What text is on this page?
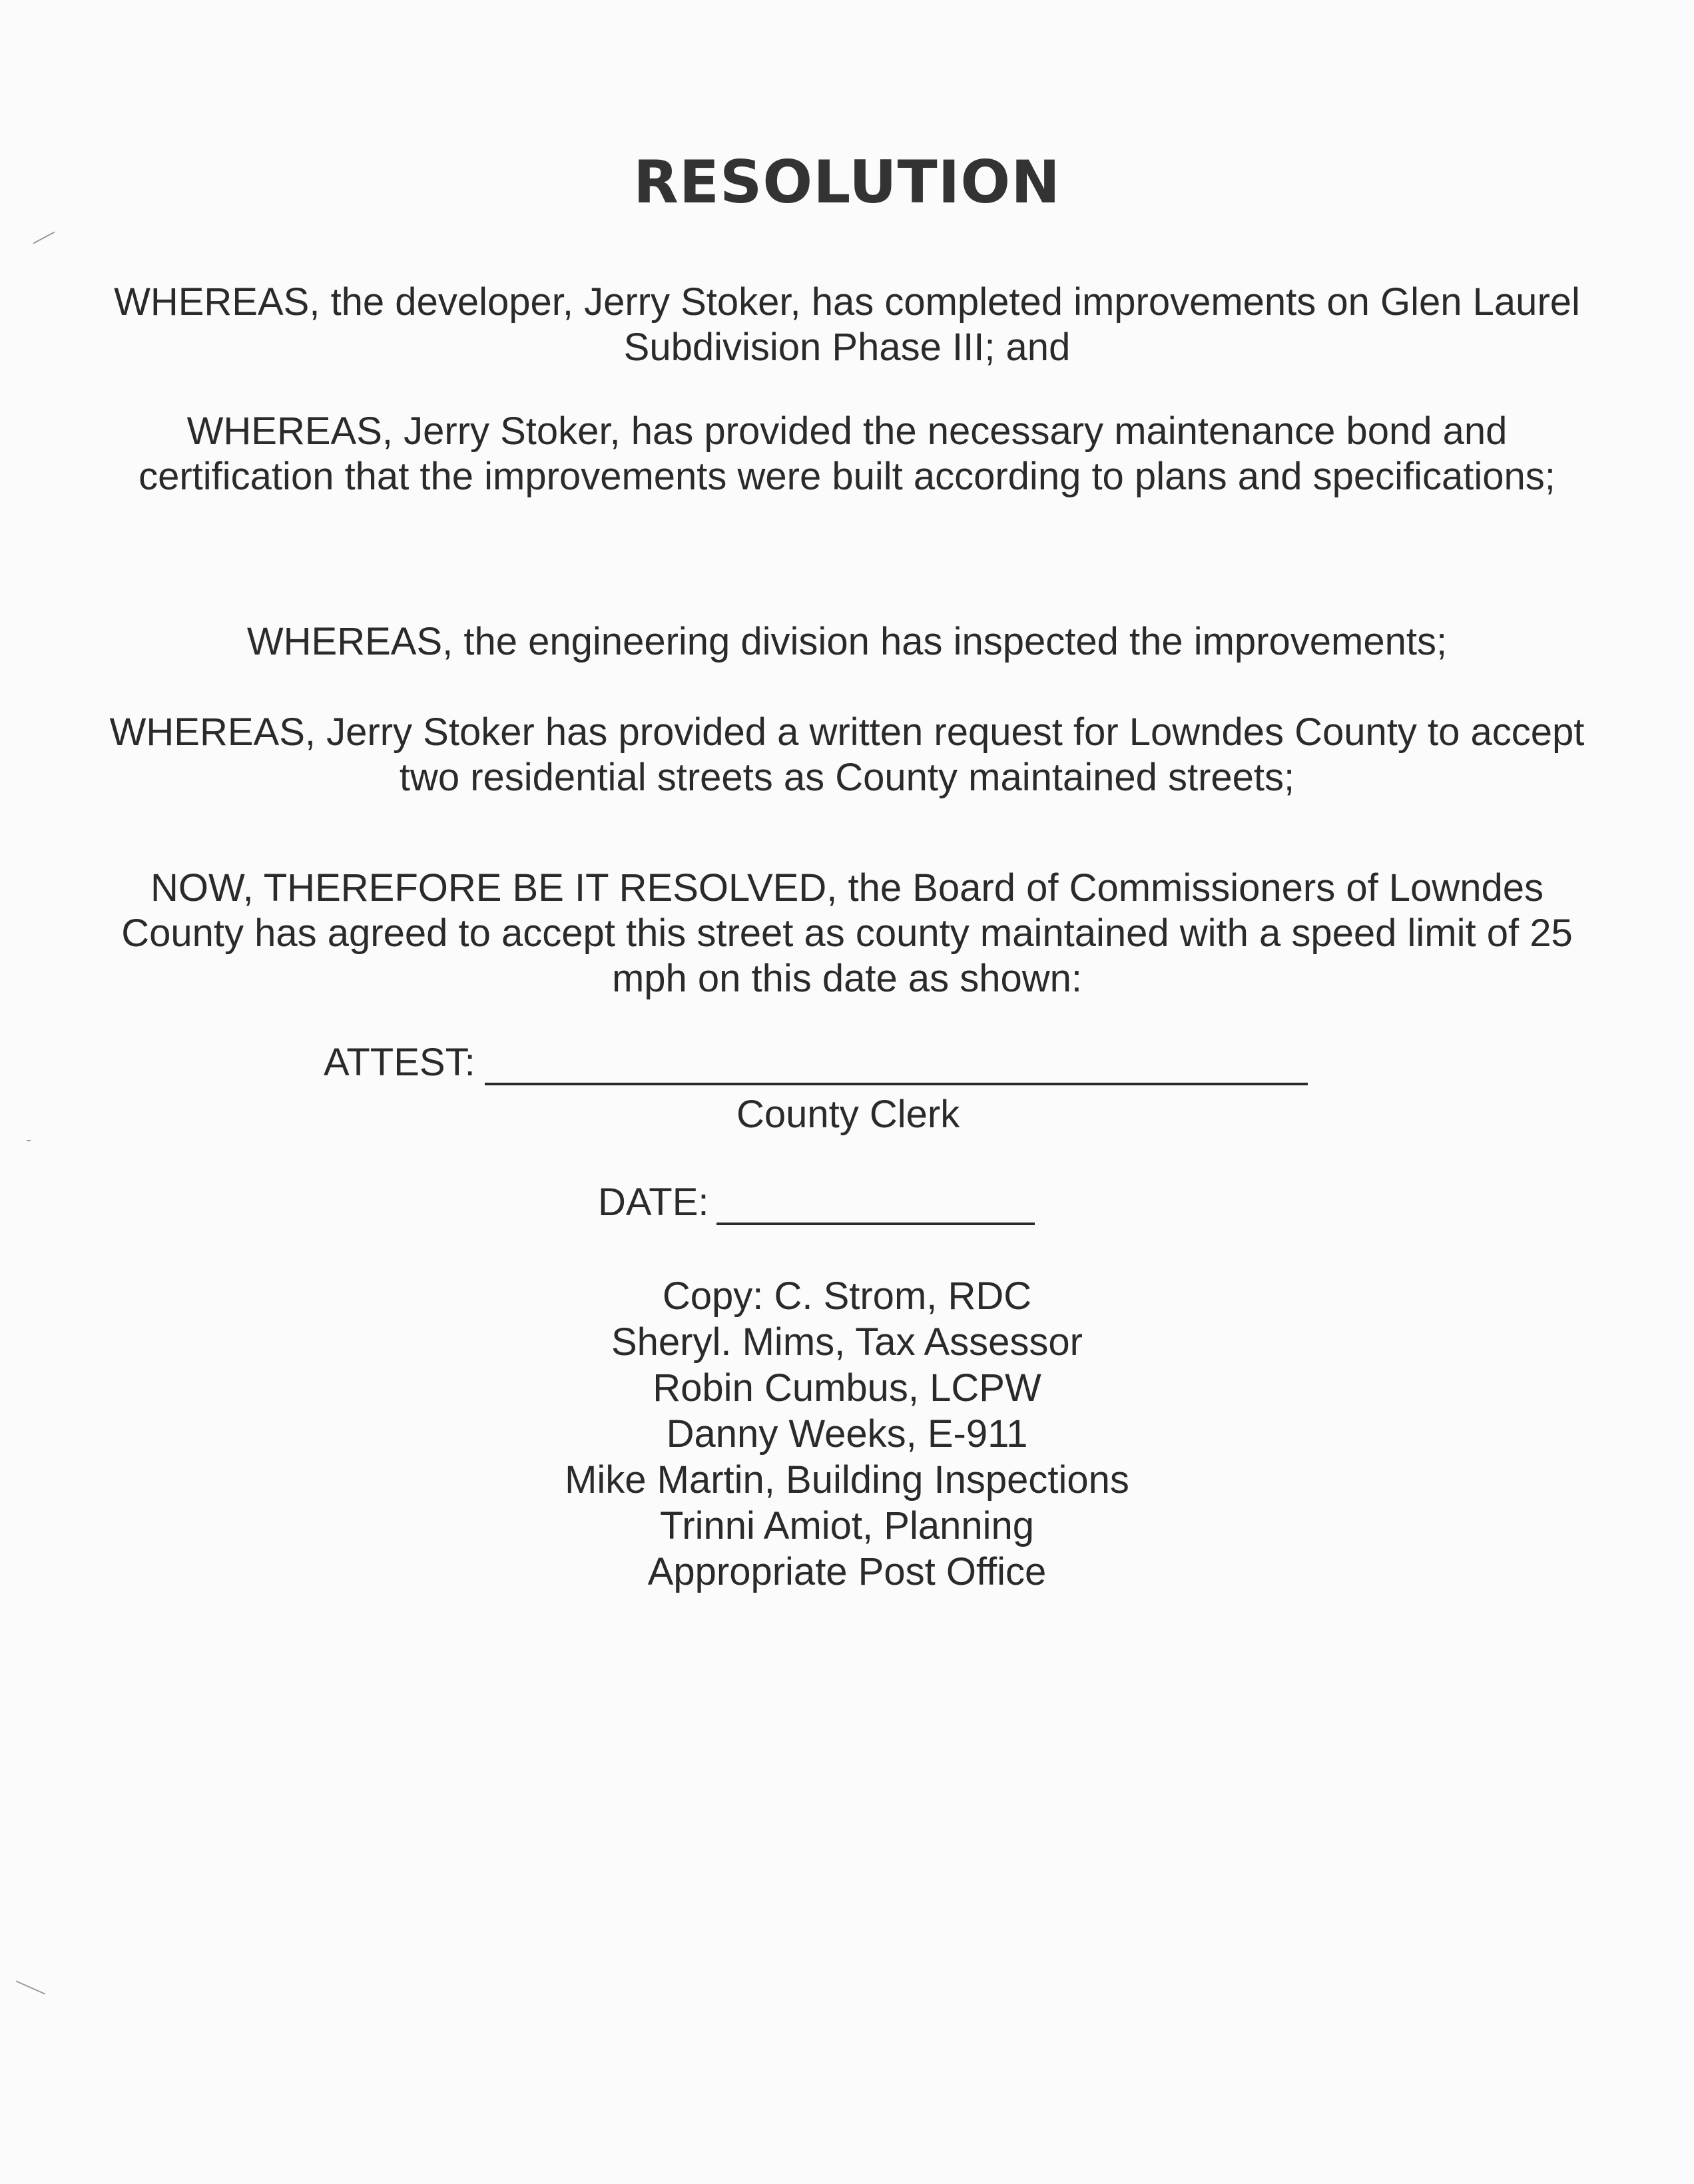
RESOLUTION

WHEREAS, the developer, Jerry Stoker, has completed improvements on Glen Laurel Subdivision Phase III; and

WHEREAS, Jerry Stoker, has provided the necessary maintenance bond and certification that the improvements were built according to plans and specifications;

WHEREAS, the engineering division has inspected the improvements;

WHEREAS, Jerry Stoker has provided a written request for Lowndes County to accept two residential streets as County maintained streets;

NOW, THEREFORE BE IT RESOLVED, the Board of Commissioners of Lowndes County has agreed to accept this street as county maintained with a speed limit of 25 mph on this date as shown:

ATTEST:
County Clerk
DATE:
Copy: C. Strom, RDC
Sheryl. Mims, Tax Assessor
Robin Cumbus, LCPW
Danny Weeks, E-911
Mike Martin, Building Inspections
Trinni Amiot, Planning
Appropriate Post Office
